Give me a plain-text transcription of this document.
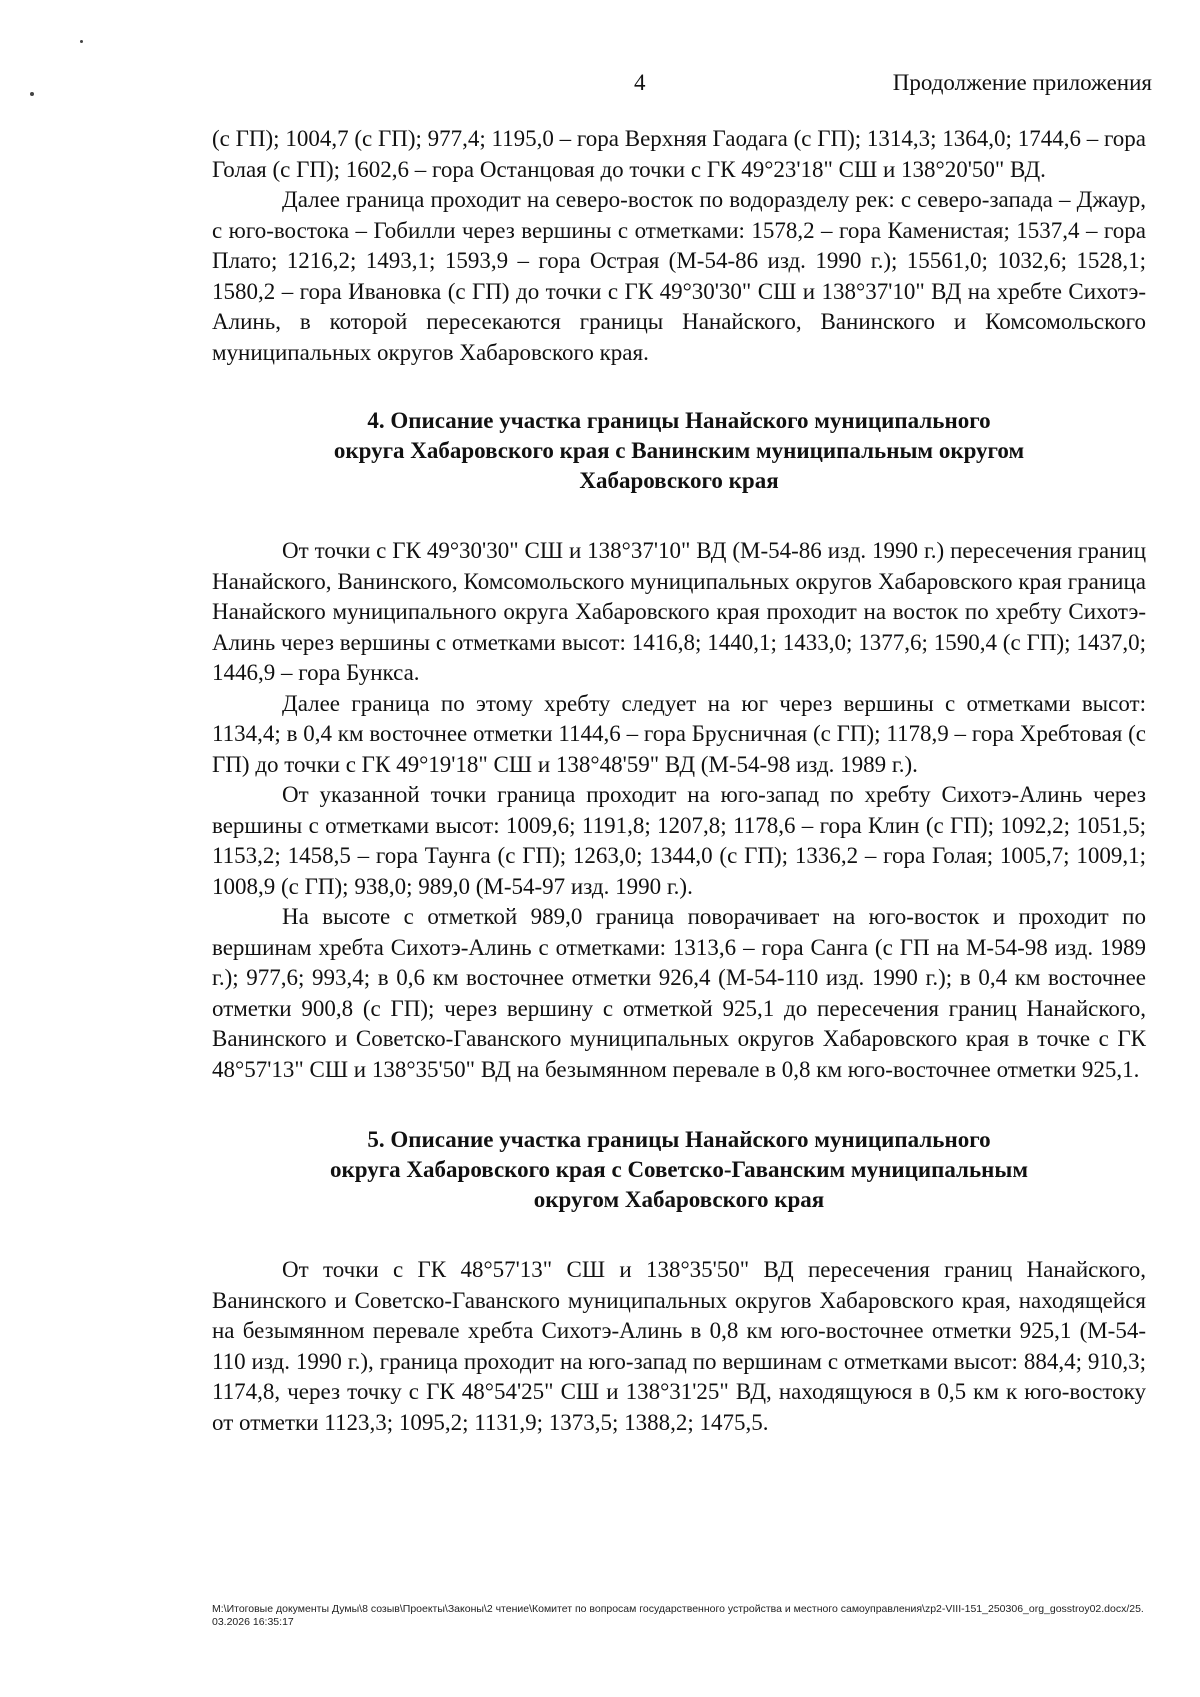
4	Продолжение приложения

(с ГП); 1004,7 (с ГП); 977,4; 1195,0 – гора Верхняя Гаодага (с ГП); 1314,3; 1364,0; 1744,6 – гора Голая (с ГП); 1602,6 – гора Останцовая до точки с ГК 49°23'18" СШ и 138°20'50" ВД.

Далее граница проходит на северо-восток по водоразделу рек: с северо-запада – Джаур, с юго-востока – Гобилли через вершины с отметками: 1578,2 – гора Каменистая; 1537,4 – гора Плато; 1216,2; 1493,1; 1593,9 – гора Острая (М-54-86 изд. 1990 г.); 15561,0; 1032,6; 1528,1; 1580,2 – гора Ивановка (с ГП) до точки с ГК 49°30'30" СШ и 138°37'10" ВД на хребте Сихотэ-Алинь, в которой пересекаются границы Нанайского, Ванинского и Комсомольского муниципальных округов Хабаровского края.

4. Описание участка границы Нанайского муниципального
округа Хабаровского края с Ванинским муниципальным округом
Хабаровского края

От точки с ГК 49°30'30" СШ и 138°37'10" ВД (М-54-86 изд. 1990 г.) пересечения границ Нанайского, Ванинского, Комсомольского муниципальных округов Хабаровского края граница Нанайского муниципального округа Хабаровского края проходит на восток по хребту Сихотэ-Алинь через вершины с отметками высот: 1416,8; 1440,1; 1433,0; 1377,6; 1590,4 (с ГП); 1437,0; 1446,9 – гора Бункса.

Далее граница по этому хребту следует на юг через вершины с отметками высот: 1134,4; в 0,4 км восточнее отметки 1144,6 – гора Брусничная (с ГП); 1178,9 – гора Хребтовая (с ГП) до точки с ГК 49°19'18" СШ и 138°48'59" ВД (М-54-98 изд. 1989 г.).

От указанной точки граница проходит на юго-запад по хребту Сихотэ-Алинь через вершины с отметками высот: 1009,6; 1191,8; 1207,8; 1178,6 – гора Клин (с ГП); 1092,2; 1051,5; 1153,2; 1458,5 – гора Таунга (с ГП); 1263,0; 1344,0 (с ГП); 1336,2 – гора Голая; 1005,7; 1009,1; 1008,9 (с ГП); 938,0; 989,0 (М-54-97 изд. 1990 г.).

На высоте с отметкой 989,0 граница поворачивает на юго-восток и проходит по вершинам хребта Сихотэ-Алинь с отметками: 1313,6 – гора Санга (с ГП на М-54-98 изд. 1989 г.); 977,6; 993,4; в 0,6 км восточнее отметки 926,4 (М-54-110 изд. 1990 г.); в 0,4 км восточнее отметки 900,8 (с ГП); через вершину с отметкой 925,1 до пересечения границ Нанайского, Ванинского и Советско-Гаванского муниципальных округов Хабаровского края в точке с ГК 48°57'13" СШ и 138°35'50" ВД на безымянном перевале в 0,8 км юго-восточнее отметки 925,1.

5. Описание участка границы Нанайского муниципального
округа Хабаровского края с Советско-Гаванским муниципальным
округом Хабаровского края

От точки с ГК 48°57'13" СШ и 138°35'50" ВД пересечения границ Нанайского, Ванинского и Советско-Гаванского муниципальных округов Хабаровского края, находящейся на безымянном перевале хребта Сихотэ-Алинь в 0,8 км юго-восточнее отметки 925,1 (М-54-110 изд. 1990 г.), граница проходит на юго-запад по вершинам с отметками высот: 884,4; 910,3; 1174,8, через точку с ГК 48°54'25" СШ и 138°31'25" ВД, находящуюся в 0,5 км к юго-востоку от отметки 1123,3; 1095,2; 1131,9; 1373,5; 1388,2; 1475,5.

M:\Итоговые документы Думы\8 созыв\Проекты\Законы\2 чтение\Комитет по вопросам государственного устройства и местного самоуправления\zp2-VIII-151_250306_org_gosstroy02.docx/25.03.2026 16:35:17
